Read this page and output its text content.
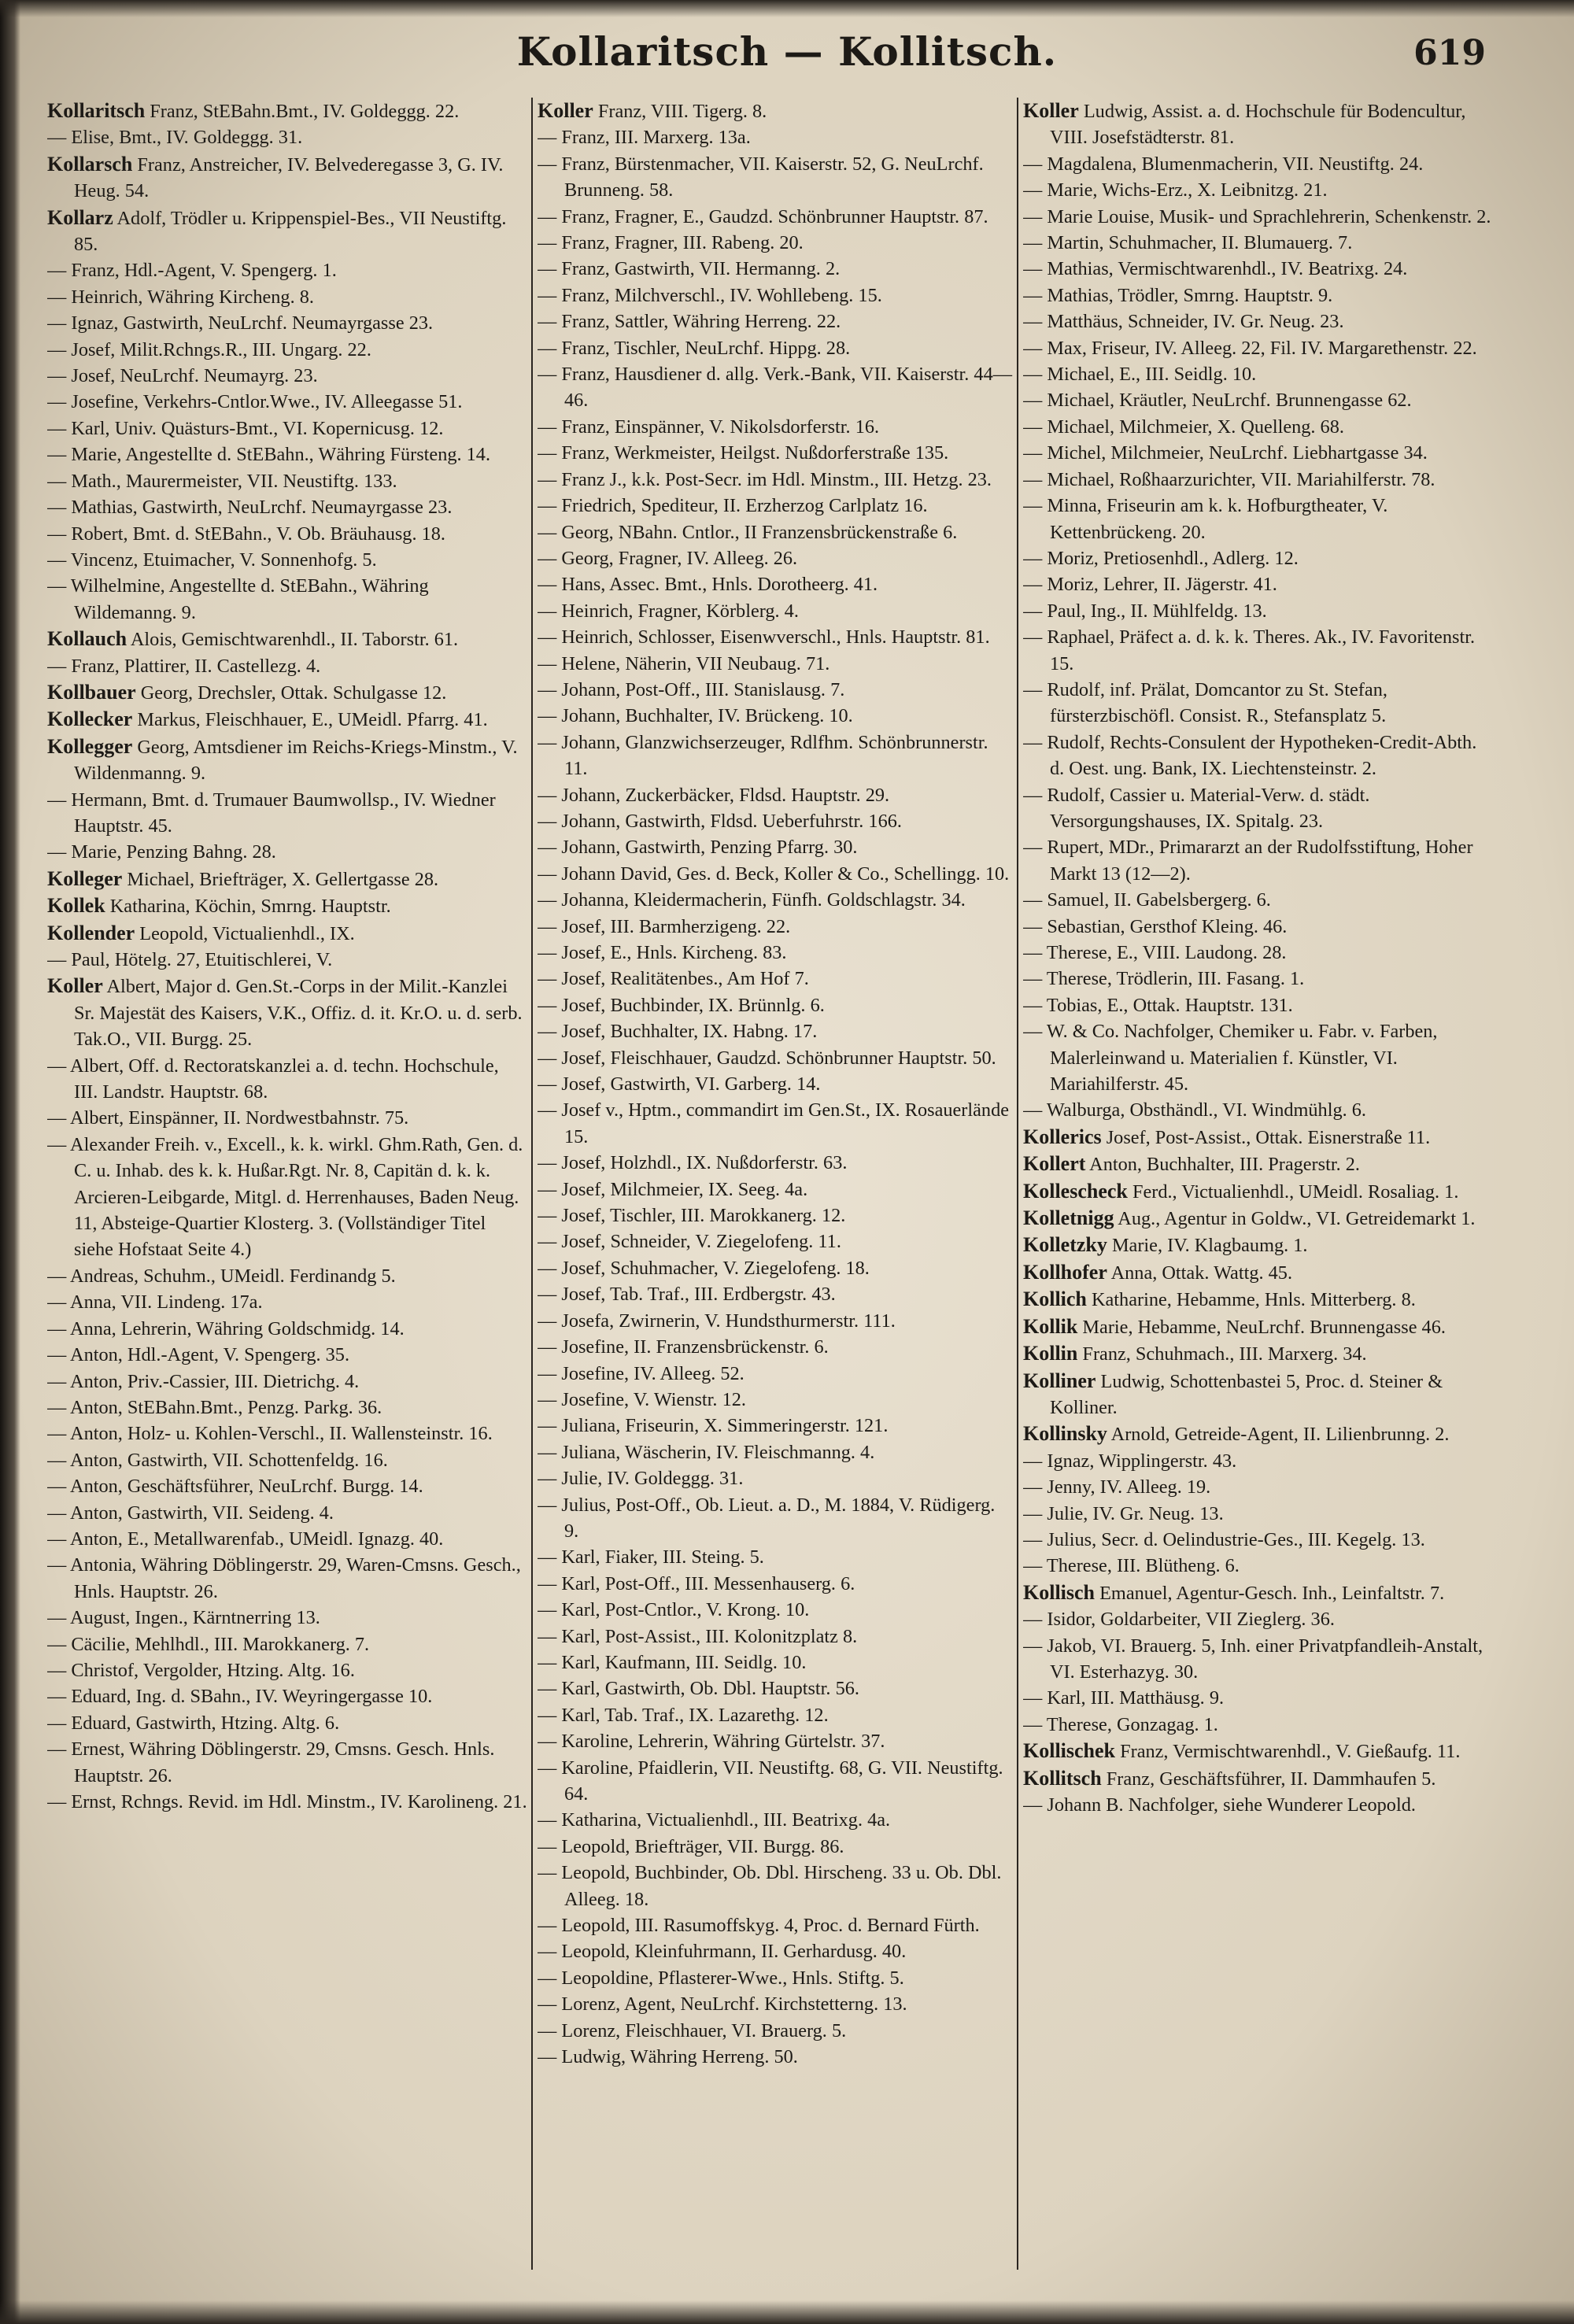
Kollaritsch — Kollitsch.	619
Kollaritsch Franz, StEBahn.Bmt., IV. Goldeggg. 22.
— Elise, Bmt., IV. Goldeggg. 31.
Kollarsch Franz, Anstreicher, IV. Belvederegasse 3, G. IV. Heug. 54.
Kollarz Adolf, Trödler u. Krippenspiel-Bes., VII Neustiftg. 85.
— Franz, Hdl.-Agent, V. Spengerg. 1.
— Heinrich, Währing Kircheng. 8.
— Ignaz, Gastwirth, NeuLrchf. Neumayrgasse 23.
— Josef, Milit.Rchngs.R., III. Ungarg. 22.
— Josef, NeuLrchf. Neumayrg. 23.
— Josefine, Verkehrs-Cntlor.Wwe., IV. Alleegasse 51.
— Karl, Univ. Quästurs-Bmt., VI. Kopernicusg. 12.
— Marie, Angestellte d. StEBahn., Währing Fürsteng. 14.
— Math., Maurermeister, VII. Neustiftg. 133.
— Mathias, Gastwirth, NeuLrchf. Neumayrgasse 23.
— Robert, Bmt. d. StEBahn., V. Ob. Bräuhausg. 18.
— Vincenz, Etuimacher, V. Sonnenhofg. 5.
— Wilhelmine, Angestellte d. StEBahn., Währing Wildemanng. 9.
Kollauch Alois, Gemischtwarenhdl., II. Taborstr. 61.
— Franz, Plattirer, II. Castellezg. 4.
Kollbauer Georg, Drechsler, Ottak. Schulgasse 12.
Kollecker Markus, Fleischhauer, E., UMeidl. Pfarrg. 41.
Kollegger Georg, Amtsdiener im Reichs-Kriegs-Minstm., V. Wildenmanng. 9.
— Hermann, Bmt. d. Trumauer Baumwollsp., IV. Wiedner Hauptstr. 45.
— Marie, Penzing Bahng. 28.
Kolleger Michael, Briefträger, X. Gellertgasse 28.
Kollek Katharina, Köchin, Smrng. Hauptstr.
Kollender Leopold, Victualienhdl., IX.
— Paul, Hötelg. 27, Etuitischlerei, V.
Koller Albert, Major d. Gen.St.-Corps in der Milit.-Kanzlei Sr. Majestät des Kaisers, V.K., Offiz. d. it. Kr.O. u. d. serb. Tak.O., VII. Burgg. 25.
— Albert, Off. d. Rectoratskanzlei a. d. techn. Hochschule, III. Landstr. Hauptstr. 68.
— Albert, Einspänner, II. Nordwestbahnstr. 75.
— Alexander Freih. v., Excell., k. k. wirkl. Ghm.Rath, Gen. d. C. u. Inhab. des k. k. Hußar.Rgt. Nr. 8, Capitän d. k. k. Arcieren-Leibgarde, Mitgl. d. Herrenhauses, Baden Neug. 11, Absteige-Quartier Klosterg. 3. (Vollständiger Titel siehe Hofstaat Seite 4.)
— Andreas, Schuhm., UMeidl. Ferdinandg 5.
— Anna, VII. Lindeng. 17a.
— Anna, Lehrerin, Währing Goldschmidg. 14.
— Anton, Hdl.-Agent, V. Spengerg. 35.
— Anton, Priv.-Cassier, III. Dietrichg. 4.
— Anton, StEBahn.Bmt., Penzg. Parkg. 36.
— Anton, Holz- u. Kohlen-Verschl., II. Wallensteinstr. 16.
— Anton, Gastwirth, VII. Schottenfeldg. 16.
— Anton, Geschäftsführer, NeuLrchf. Burgg. 14.
— Anton, Gastwirth, VII. Seideng. 4.
— Anton, E., Metallwarenfab., UMeidl. Ignazg. 40.
— Antonia, Währing Döblingerstr. 29, Waren-Cmsns. Gesch., Hnls. Hauptstr. 26.
— August, Ingen., Kärntnerring 13.
— Cäcilie, Mehlhdl., III. Marokkanerg. 7.
— Christof, Vergolder, Htzing. Altg. 16.
— Eduard, Ing. d. SBahn., IV. Weyringergasse 10.
— Eduard, Gastwirth, Htzing. Altg. 6.
— Ernest, Währing Döblingerstr. 29, Cmsns. Gesch. Hnls. Hauptstr. 26.
— Ernst, Rchngs. Revid. im Hdl. Minstm., IV. Karolineng. 21.
Koller Franz, VIII. Tigerg. 8.
— Franz, III. Marxerg. 13a.
— Franz, Bürstenmacher, VII. Kaiserstr. 52, G. NeuLrchf. Brunneng. 58.
— Franz, Fragner, E., Gaudzd. Schönbrunner Hauptstr. 87.
— Franz, Fragner, III. Rabeng. 20.
— Franz, Gastwirth, VII. Hermanng. 2.
— Franz, Milchverschl., IV. Wohllebeng. 15.
— Franz, Sattler, Währing Herreng. 22.
— Franz, Tischler, NeuLrchf. Hippg. 28.
— Franz, Hausdiener d. allg. Verk.-Bank, VII. Kaiserstr. 44—46.
— Franz, Einspänner, V. Nikolsdorferstr. 16.
— Franz, Werkmeister, Heilgst. Nußdorferstraße 135.
— Franz J., k.k. Post-Secr. im Hdl. Minstm., III. Hetzg. 23.
— Friedrich, Spediteur, II. Erzherzog Carlplatz 16.
— Georg, NBahn. Cntlor., II Franzensbrückenstraße 6.
— Georg, Fragner, IV. Alleeg. 26.
— Hans, Assec. Bmt., Hnls. Dorotheerg. 41.
— Heinrich, Fragner, Körblerg. 4.
— Heinrich, Schlosser, Eisenwverschl., Hnls. Hauptstr. 81.
— Helene, Näherin, VII Neubaug. 71.
— Johann, Post-Off., III. Stanislausg. 7.
— Johann, Buchhalter, IV. Brückeng. 10.
— Johann, Glanzwichserzeuger, Rdlfhm. Schönbrunnerstr. 11.
— Johann, Zuckerbäcker, Fldsd. Hauptstr. 29.
— Johann, Gastwirth, Fldsd. Ueberfuhrstr. 166.
— Johann, Gastwirth, Penzing Pfarrg. 30.
— Johann David, Ges. d. Beck, Koller & Co., Schellingg. 10.
— Johanna, Kleidermacherin, Fünfh. Goldschlagstr. 34.
— Josef, III. Barmherzigeng. 22.
— Josef, E., Hnls. Kircheng. 83.
— Josef, Realitätenbes., Am Hof 7.
— Josef, Buchbinder, IX. Brünnlg. 6.
— Josef, Buchhalter, IX. Habng. 17.
— Josef, Fleischhauer, Gaudzd. Schönbrunner Hauptstr. 50.
— Josef, Gastwirth, VI. Garberg. 14.
— Josef v., Hptm., commandirt im Gen.St., IX. Rosauerlände 15.
— Josef, Holzhdl., IX. Nußdorferstr. 63.
— Josef, Milchmeier, IX. Seeg. 4a.
— Josef, Tischler, III. Marokkanerg. 12.
— Josef, Schneider, V. Ziegelofeng. 11.
— Josef, Schuhmacher, V. Ziegelofeng. 18.
— Josef, Tab. Traf., III. Erdbergstr. 43.
— Josefa, Zwirnerin, V. Hundsthurmerstr. 111.
— Josefine, II. Franzensbrückenstr. 6.
— Josefine, IV. Alleeg. 52.
— Josefine, V. Wienstr. 12.
— Juliana, Friseurin, X. Simmeringerstr. 121.
— Juliana, Wäscherin, IV. Fleischmanng. 4.
— Julie, IV. Goldeggg. 31.
— Julius, Post-Off., Ob. Lieut. a. D., M. 1884, V. Rüdigerg. 9.
— Karl, Fiaker, III. Steing. 5.
— Karl, Post-Off., III. Messenhauserg. 6.
— Karl, Post-Cntlor., V. Krong. 10.
— Karl, Post-Assist., III. Kolonitzplatz 8.
— Karl, Kaufmann, III. Seidlg. 10.
— Karl, Gastwirth, Ob. Dbl. Hauptstr. 56.
— Karl, Tab. Traf., IX. Lazarethg. 12.
— Karoline, Lehrerin, Währing Gürtelstr. 37.
— Karoline, Pfaidlerin, VII. Neustiftg. 68, G. VII. Neustiftg. 64.
— Katharina, Victualienhdl., III. Beatrixg. 4a.
— Leopold, Briefträger, VII. Burgg. 86.
— Leopold, Buchbinder, Ob. Dbl. Hirscheng. 33 u. Ob. Dbl. Alleeg. 18.
— Leopold, III. Rasumoffskyg. 4, Proc. d. Bernard Fürth.
— Leopold, Kleinfuhrmann, II. Gerhardusg. 40.
— Leopoldine, Pflasterer-Wwe., Hnls. Stiftg. 5.
— Lorenz, Agent, NeuLrchf. Kirchstetterng. 13.
— Lorenz, Fleischhauer, VI. Brauerg. 5.
— Ludwig, Währing Herreng. 50.
Koller Ludwig, Assist. a. d. Hochschule für Bodencultur, VIII. Josefstädterstr. 81.
— Magdalena, Blumenmacherin, VII. Neustiftg. 24.
— Marie, Wichs-Erz., X. Leibnitzg. 21.
— Marie Louise, Musik- und Sprachlehrerin, Schenkenstr. 2.
— Martin, Schuhmacher, II. Blumauerg. 7.
— Mathias, Vermischtwarenhdl., IV. Beatrixg. 24.
— Mathias, Trödler, Smrng. Hauptstr. 9.
— Matthäus, Schneider, IV. Gr. Neug. 23.
— Max, Friseur, IV. Alleeg. 22, Fil. IV. Margarethenstr. 22.
— Michael, E., III. Seidlg. 10.
— Michael, Kräutler, NeuLrchf. Brunnengasse 62.
— Michael, Milchmeier, X. Quelleng. 68.
— Michel, Milchmeier, NeuLrchf. Liebhartgasse 34.
— Michael, Roßhaarzurichter, VII. Mariahilferstr. 78.
— Minna, Friseurin am k. k. Hofburgtheater, V. Kettenbrückeng. 20.
— Moriz, Pretiosenhdl., Adlerg. 12.
— Moriz, Lehrer, II. Jägerstr. 41.
— Paul, Ing., II. Mühlfeldg. 13.
— Raphael, Präfect a. d. k. k. Theres. Ak., IV. Favoritenstr. 15.
— Rudolf, inf. Prälat, Domcantor zu St. Stefan, fürsterzbischöfl. Consist. R., Stefansplatz 5.
— Rudolf, Rechts-Consulent der Hypotheken-Credit-Abth. d. Oest. ung. Bank, IX. Liechtensteinstr. 2.
— Rudolf, Cassier u. Material-Verw. d. städt. Versorgungshauses, IX. Spitalg. 23.
— Rupert, MDr., Primararzt an der Rudolfsstiftung, Hoher Markt 13 (12—2).
— Samuel, II. Gabelsbergerg. 6.
— Sebastian, Gersthof Kleing. 46.
— Therese, E., VIII. Laudong. 28.
— Therese, Trödlerin, III. Fasang. 1.
— Tobias, E., Ottak. Hauptstr. 131.
— W. & Co. Nachfolger, Chemiker u. Fabr. v. Farben, Malerleinwand u. Materialien f. Künstler, VI. Mariahilferstr. 45.
— Walburga, Obsthändl., VI. Windmühlg. 6.
Kollerics Josef, Post-Assist., Ottak. Eisnerstraße 11.
Kollert Anton, Buchhalter, III. Pragerstr. 2.
Kollescheck Ferd., Victualienhdl., UMeidl. Rosaliag. 1.
Kolletnigg Aug., Agentur in Goldw., VI. Getreidemarkt 1.
Kolletzky Marie, IV. Klagbaumg. 1.
Kollhofer Anna, Ottak. Wattg. 45.
Kollich Katharine, Hebamme, Hnls. Mitterberg. 8.
Kollik Marie, Hebamme, NeuLrchf. Brunnengasse 46.
Kollin Franz, Schuhmach., III. Marxerg. 34.
Kolliner Ludwig, Schottenbastei 5, Proc. d. Steiner & Kolliner.
Kollinsky Arnold, Getreide-Agent, II. Lilienbrunng. 2.
— Ignaz, Wipplingerstr. 43.
— Jenny, IV. Alleeg. 19.
— Julie, IV. Gr. Neug. 13.
— Julius, Secr. d. Oelindustrie-Ges., III. Kegelg. 13.
— Therese, III. Blütheng. 6.
Kollisch Emanuel, Agentur-Gesch. Inh., Leinfaltstr. 7.
— Isidor, Goldarbeiter, VII Zieglerg. 36.
— Jakob, VI. Brauerg. 5, Inh. einer Privatpfandleih-Anstalt, VI. Esterhazyg. 30.
— Karl, III. Matthäusg. 9.
— Therese, Gonzagag. 1.
Kollischek Franz, Vermischtwarenhdl., V. Gießaufg. 11.
Kollitsch Franz, Geschäftsführer, II. Dammhaufen 5.
— Johann B. Nachfolger, siehe Wunderer Leopold.
